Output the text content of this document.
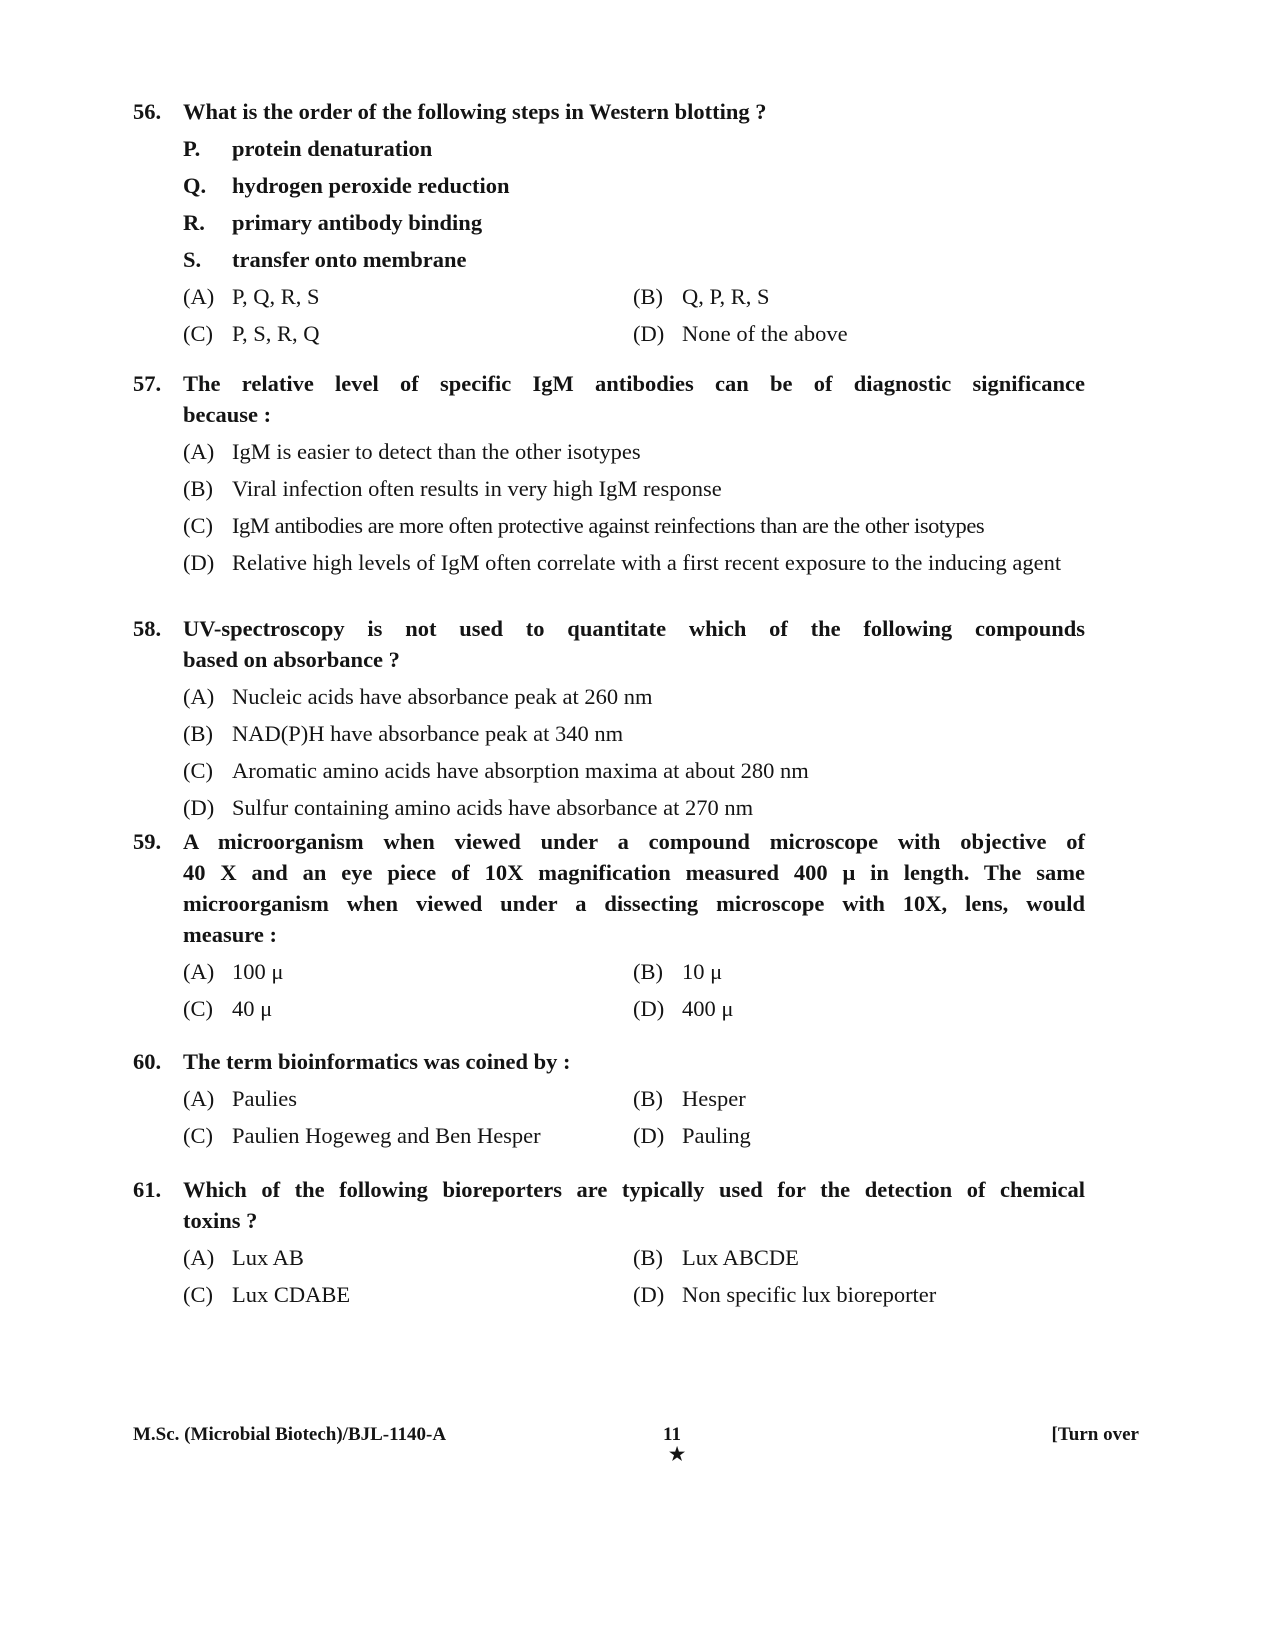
56. What is the order of the following steps in Western blotting ?
P. protein denaturation
Q. hydrogen peroxide reduction
R. primary antibody binding
S. transfer onto membrane
(A) P, Q, R, S	(B) Q, P, R, S
(C) P, S, R, Q	(D) None of the above
57. The relative level of specific IgM antibodies can be of diagnostic significance
because :
(A) IgM is easier to detect than the other isotypes
(B) Viral infection often results in very high IgM response
(C) IgM antibodies are more often protective against reinfections than are the other isotypes
(D) Relative high levels of IgM often correlate with a first recent exposure to the inducing agent
58. UV-spectroscopy is not used to quantitate which of the following compounds
based on absorbance ?
(A) Nucleic acids have absorbance peak at 260 nm
(B) NAD(P)H have absorbance peak at 340 nm
(C) Aromatic amino acids have absorption maxima at about 280 nm
(D) Sulfur containing amino acids have absorbance at 270 nm
59. A microorganism when viewed under a compound microscope with objective of
40 X and an eye piece of 10X magnification measured 400 μ in length. The same
microorganism when viewed under a dissecting microscope with 10X, lens, would
measure :
(A) 100 μ	(B) 10 μ
(C) 40 μ	(D) 400 μ
60. The term bioinformatics was coined by :
(A) Paulies	(B) Hesper
(C) Paulien Hogeweg and Ben Hesper	(D) Pauling
61. Which of the following bioreporters are typically used for the detection of chemical
toxins ?
(A) Lux AB	(B) Lux ABCDE
(C) Lux CDABE	(D) Non specific lux bioreporter
M.Sc. (Microbial Biotech)/BJL-1140-A	11
★
[Turn over
